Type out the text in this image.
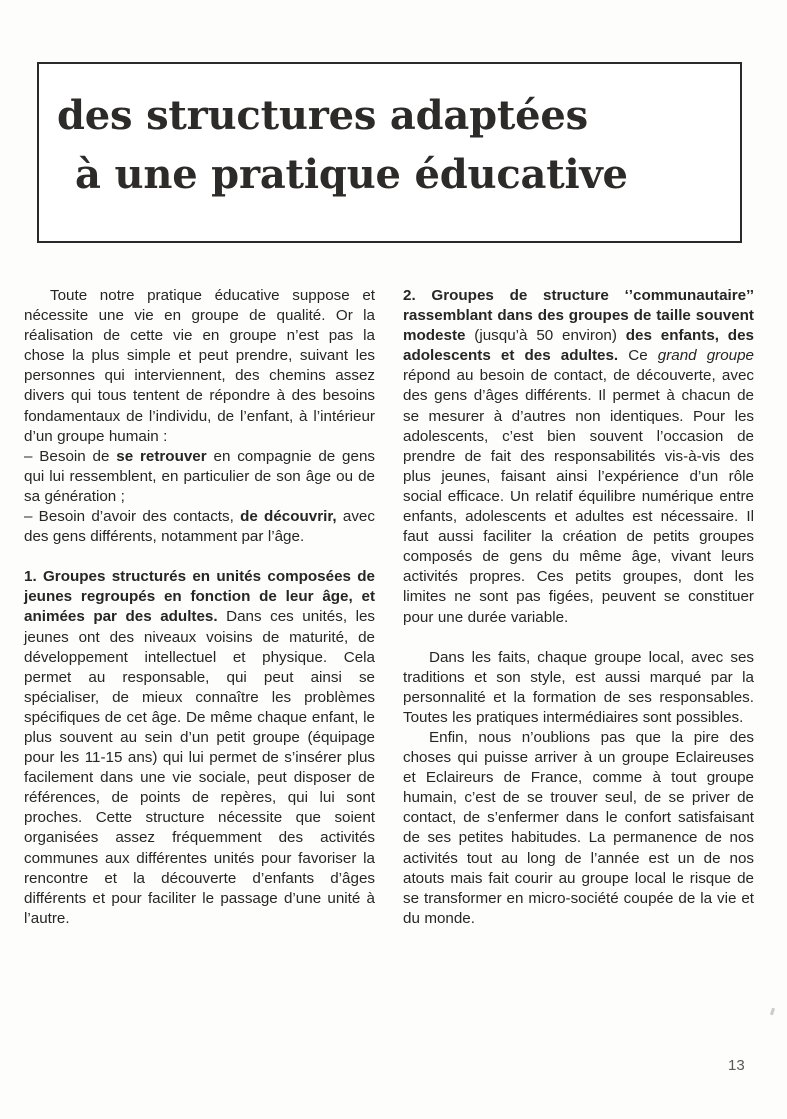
des structures adaptées
à une pratique éducative

Toute notre pratique éducative suppose et nécessite une vie en groupe de qualité. Or la réalisation de cette vie en groupe n’est pas la chose la plus simple et peut prendre, suivant les personnes qui interviennent, des chemins assez divers qui tous tentent de répondre à des besoins fondamentaux de l’individu, de l’enfant, à l’intérieur d’un groupe humain :

– Besoin de se retrouver en compagnie de gens qui lui ressemblent, en particulier de son âge ou de sa génération ;

– Besoin d’avoir des contacts, de découvrir, avec des gens différents, notamment par l’âge.

1. Groupes structurés en unités composées de jeunes regroupés en fonction de leur âge, et animées par des adultes. Dans ces unités, les jeunes ont des niveaux voisins de maturité, de développement intellectuel et physique. Cela permet au responsable, qui peut ainsi se spécialiser, de mieux connaître les problèmes spécifiques de cet âge. De même chaque enfant, le plus souvent au sein d’un petit groupe (équipage pour les 11-15 ans) qui lui permet de s’insérer plus facilement dans une vie sociale, peut disposer de références, de points de repères, qui lui sont proches. Cette structure nécessite que soient organisées assez fréquemment des activités communes aux différentes unités pour favoriser la rencontre et la découverte d’enfants d’âges différents et pour faciliter le passage d’une unité à l’autre.

2. Groupes de structure ‘’communautaire’’ rassemblant dans des groupes de taille souvent modeste (jusqu’à 50 environ) des enfants, des adolescents et des adultes. Ce grand groupe répond au besoin de contact, de découverte, avec des gens d’âges différents. Il permet à chacun de se mesurer à d’autres non identiques. Pour les adolescents, c’est bien souvent l’occasion de prendre de fait des responsabilités vis-à-vis des plus jeunes, faisant ainsi l’expérience d’un rôle social efficace. Un relatif équilibre numérique entre enfants, adolescents et adultes est nécessaire. Il faut aussi faciliter la création de petits groupes composés de gens du même âge, vivant leurs activités propres. Ces petits groupes, dont les limites ne sont pas figées, peuvent se constituer pour une durée variable.

Dans les faits, chaque groupe local, avec ses traditions et son style, est aussi marqué par la personnalité et la formation de ses responsables. Toutes les pratiques intermédiaires sont possibles.

Enfin, nous n’oublions pas que la pire des choses qui puisse arriver à un groupe Eclaireuses et Eclaireurs de France, comme à tout groupe humain, c’est de se trouver seul, de se priver de contact, de s’enfermer dans le confort satisfaisant de ses petites habitudes. La permanence de nos activités tout au long de l’année est un de nos atouts mais fait courir au groupe local le risque de se transformer en micro-société coupée de la vie et du monde.

13
